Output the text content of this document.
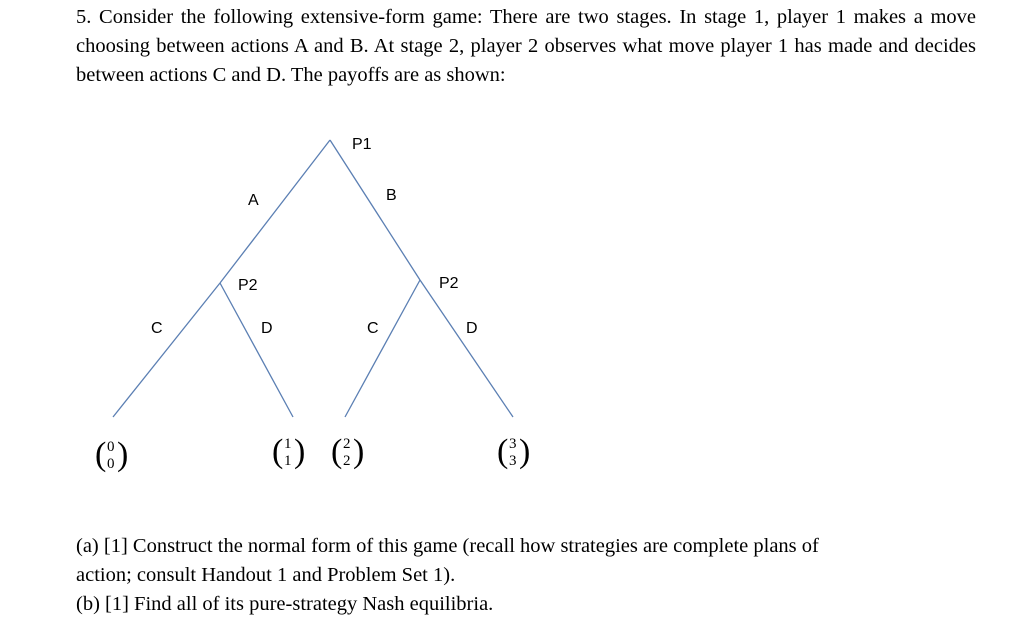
5. Consider the following extensive-form game: There are two stages. In stage 1, player 1 makes a move choosing between actions A and B. At stage 2, player 2 observes what move player 1 has made and decides between actions C and D. The payoffs are as shown:

P1
A	B
P2	P2
C	D	C	D
( 0
0 )	( 1
1 ) ( 2
2 )	( 3
3 )
(a) [1] Construct the normal form of this game (recall how strategies are complete plans of
action; consult Handout 1 and Problem Set 1).
(b) [1] Find all of its pure-strategy Nash equilibria.
